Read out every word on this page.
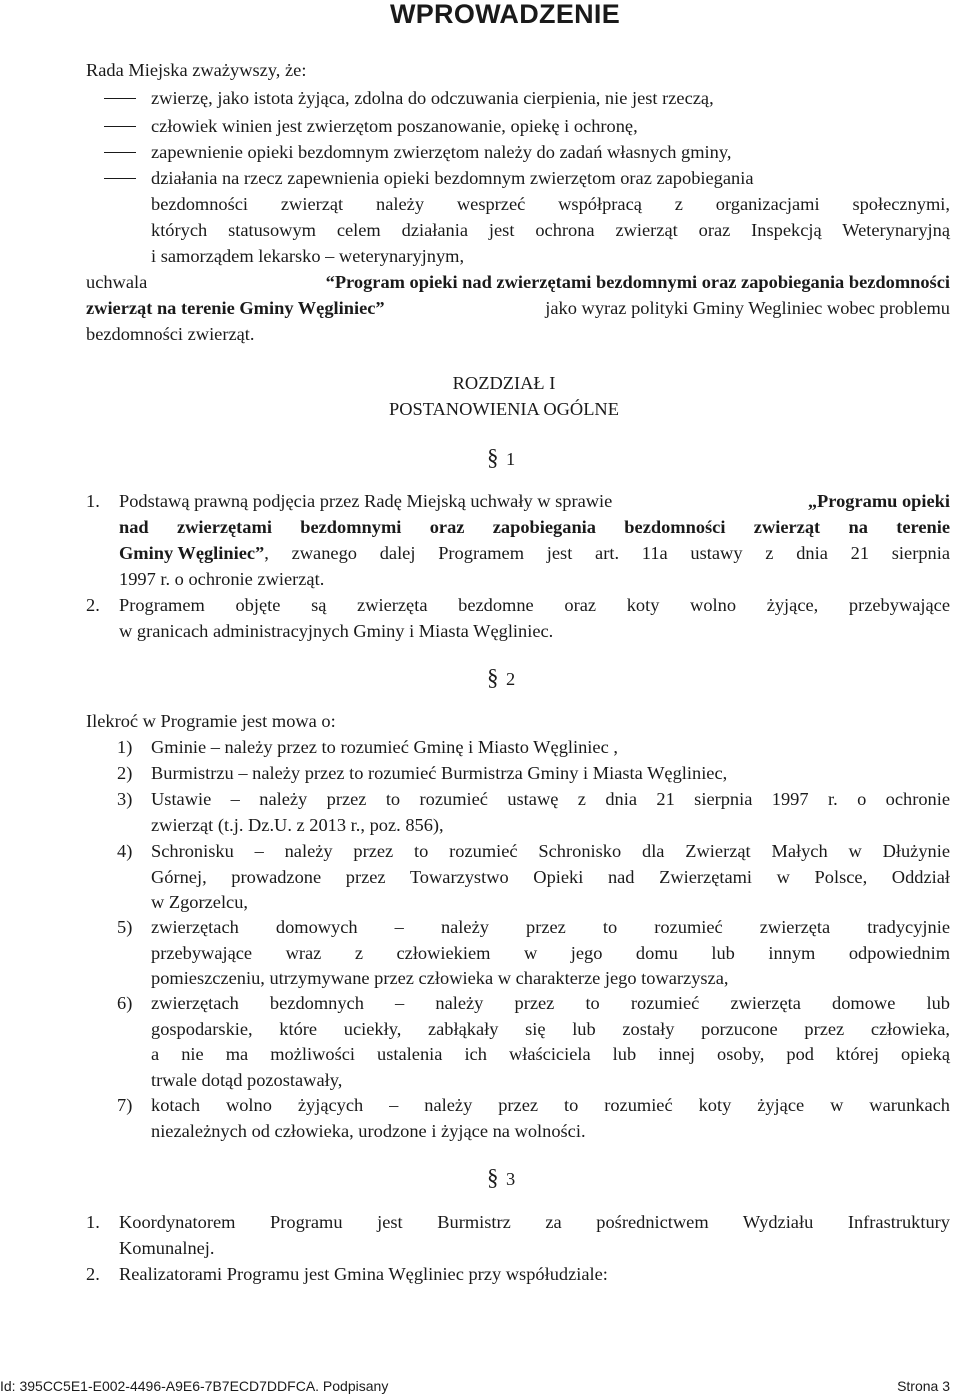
WPROWADZENIE
Rada Miejska zważywszy, że:
zwierzę, jako istota żyjąca, zdolna do odczuwania cierpienia, nie jest rzeczą,
człowiek winien jest zwierzętom poszanowanie, opiekę i ochronę,
zapewnienie opieki bezdomnym zwierzętom należy do zadań własnych gminy,
działania na rzecz zapewnienia opieki bezdomnym zwierzętom oraz zapobiegania
bezdomności zwierząt należy wesprzeć współpracą z organizacjami społecznymi,
których statusowym celem działania jest ochrona zwierząt oraz Inspekcją Weterynaryjną
i samorządem lekarsko – weterynaryjnym,
uchwala	“Program opieki nad zwierzętami bezdomnymi oraz zapobiegania bezdomności
zwierząt na terenie Gminy Węgliniec”	jako wyraz polityki Gminy Wegliniec wobec problemu
bezdomności zwierząt.
ROZDZIAŁ I
POSTANOWIENIA OGÓLNE
§ 1
1. Podstawą prawną podjęcia przez Radę Miejską uchwały w sprawie	„Programu opieki
nad zwierzętami bezdomnymi oraz zapobiegania bezdomności zwierząt na terenie
Gminy Węgliniec” , zwanego dalej Programem jest art. 11a ustawy z dnia 21 sierpnia
1997 r. o ochronie zwierząt.
2. Programem objęte są zwierzęta bezdomne oraz koty wolno żyjące, przebywające
w granicach administracyjnych Gminy i Miasta Węgliniec.
§ 2
Ilekroć w Programie jest mowa o:
1) Gminie – należy przez to rozumieć Gminę i Miasto Węgliniec ,
2) Burmistrzu – należy przez to rozumieć Burmistrza Gminy i Miasta Węgliniec,
3) Ustawie – należy przez to rozumieć ustawę z dnia 21 sierpnia 1997 r. o ochronie
zwierząt (t.j. Dz.U. z 2013 r., poz. 856),
4) Schronisku – należy przez to rozumieć Schronisko dla Zwierząt Małych w Dłużynie
Górnej, prowadzone przez Towarzystwo Opieki nad Zwierzętami w Polsce, Oddział
w Zgorzelcu,
5) zwierzętach domowych – należy przez to rozumieć zwierzęta tradycyjnie
przebywające wraz z człowiekiem w jego domu lub innym odpowiednim
pomieszczeniu, utrzymywane przez człowieka w charakterze jego towarzysza,
6) zwierzętach bezdomnych – należy przez to rozumieć zwierzęta domowe lub
gospodarskie, które uciekły, zabłąkały się lub zostały porzucone przez człowieka,
a nie ma możliwości ustalenia ich właściciela lub innej osoby, pod której opieką
trwale dotąd pozostawały,
7) kotach wolno żyjących – należy przez to rozumieć koty żyjące w warunkach
niezależnych od człowieka, urodzone i żyjące na wolności.
§ 3
1. Koordynatorem Programu jest Burmistrz za pośrednictwem Wydziału Infrastruktury
Komunalnej.
2. Realizatorami Programu jest Gmina Węgliniec przy współudziale:
Id: 395CC5E1-E002-4496-A9E6-7B7ECD7DDFCA. Podpisany	Strona 3
